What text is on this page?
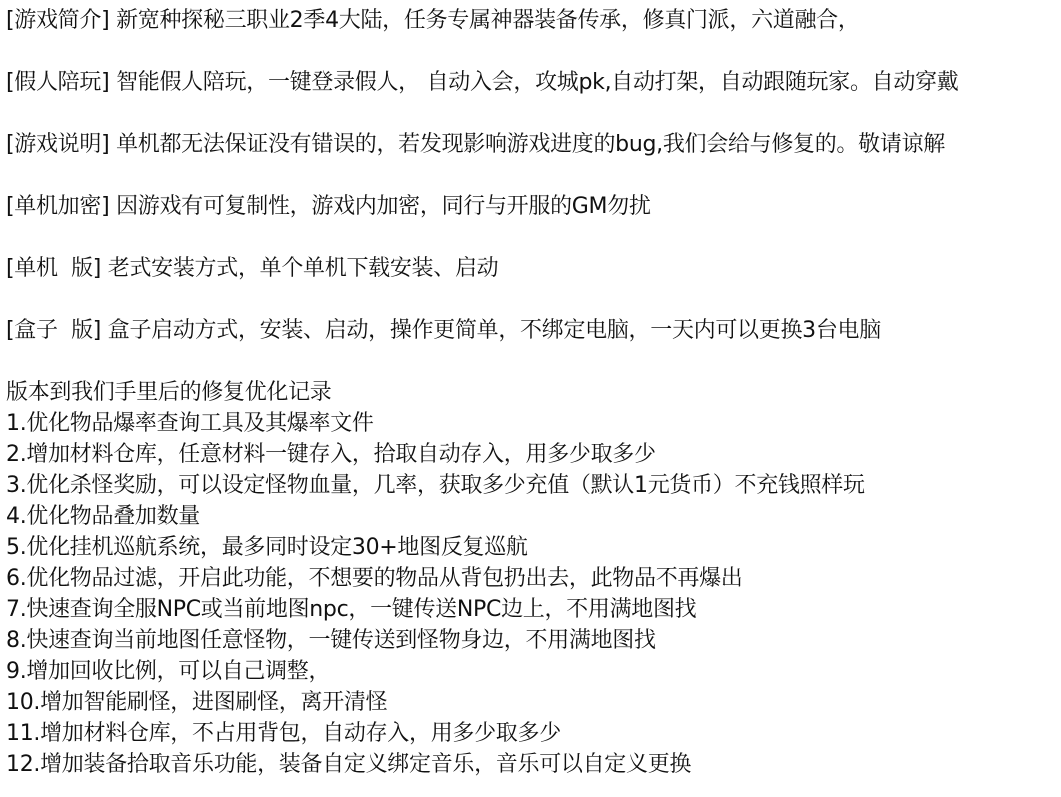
[游戏简介] 新宽种探秘三职业2季4大陆，任务专属神器装备传承，修真门派，六道融合，
[假人陪玩] 智能假人陪玩，一键登录假人， 自动入会，攻城pk,自动打架，自动跟随玩家。自动穿戴
[游戏说明] 单机都无法保证没有错误的，若发现影响游戏进度的bug,我们会给与修复的。敬请谅解
[单机加密] 因游戏有可复制性，游戏内加密，同行与开服的GM勿扰
[单机  版] 老式安装方式，单个单机下载安装、启动
[盒子  版] 盒子启动方式，安装、启动，操作更简单，不绑定电脑，一天内可以更换3台电脑
版本到我们手里后的修复优化记录
1.优化物品爆率查询工具及其爆率文件
2.增加材料仓库，任意材料一键存入，拾取自动存入，用多少取多少
3.优化杀怪奖励，可以设定怪物血量，几率，获取多少充值（默认1元货币）不充钱照样玩
4.优化物品叠加数量
5.优化挂机巡航系统，最多同时设定30+地图反复巡航
6.优化物品过滤，开启此功能，不想要的物品从背包扔出去，此物品不再爆出
7.快速查询全服NPC或当前地图npc，一键传送NPC边上，不用满地图找
8.快速查询当前地图任意怪物，一键传送到怪物身边，不用满地图找
9.增加回收比例，可以自己调整，
10.增加智能刷怪，进图刷怪，离开清怪
11.增加材料仓库，不占用背包，自动存入，用多少取多少
12.增加装备拾取音乐功能，装备自定义绑定音乐，音乐可以自定义更换
